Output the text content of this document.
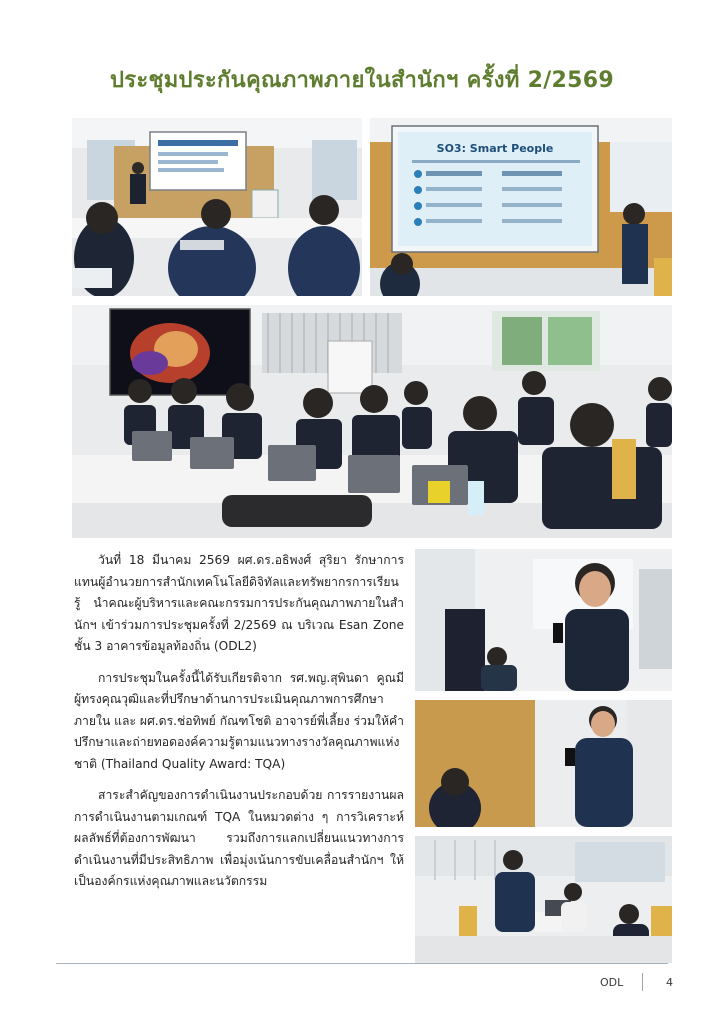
ประชุมประกันคุณภาพภายในสำนักฯ ครั้งที่ 2/2569
SO3: Smart People

วันที่ 18 มีนาคม 2569 ผศ.ดร.อธิพงศ์ สุริยา รักษาการแทนผู้อำนวยการสำนักเทคโนโลยีดิจิทัลและทรัพยากรการเรียนรู้ นำคณะผู้บริหารและคณะกรรมการประกันคุณภาพภายในสำนักฯ เข้าร่วมการประชุมครั้งที่ 2/2569 ณ บริเวณ Esan Zone ชั้น 3 อาคารข้อมูลท้องถิ่น (ODL2)

การประชุมในครั้งนี้ได้รับเกียรติจาก รศ.พญ.สุพินดา คูณมีผู้ทรงคุณวุฒิและที่ปรึกษาด้านการประเมินคุณภาพการศึกษาภายใน และ ผศ.ดร.ช่อทิพย์ กัณฑโชติ อาจารย์พี่เลี้ยง ร่วมให้คำปรึกษาและถ่ายทอดองค์ความรู้ตามแนวทางรางวัลคุณภาพแห่งชาติ (Thailand Quality Award: TQA)

สาระสำคัญของการดำเนินงานประกอบด้วย การรายงานผลการดำเนินงานตามเกณฑ์ TQA ในหมวดต่าง ๆ การวิเคราะห์ผลลัพธ์ที่ต้องการพัฒนา รวมถึงการแลกเปลี่ยนแนวทางการดำเนินงานที่มีประสิทธิภาพ เพื่อมุ่งเน้นการขับเคลื่อนสำนักฯ ให้เป็นองค์กรแห่งคุณภาพและนวัตกรรม

ODL	4
